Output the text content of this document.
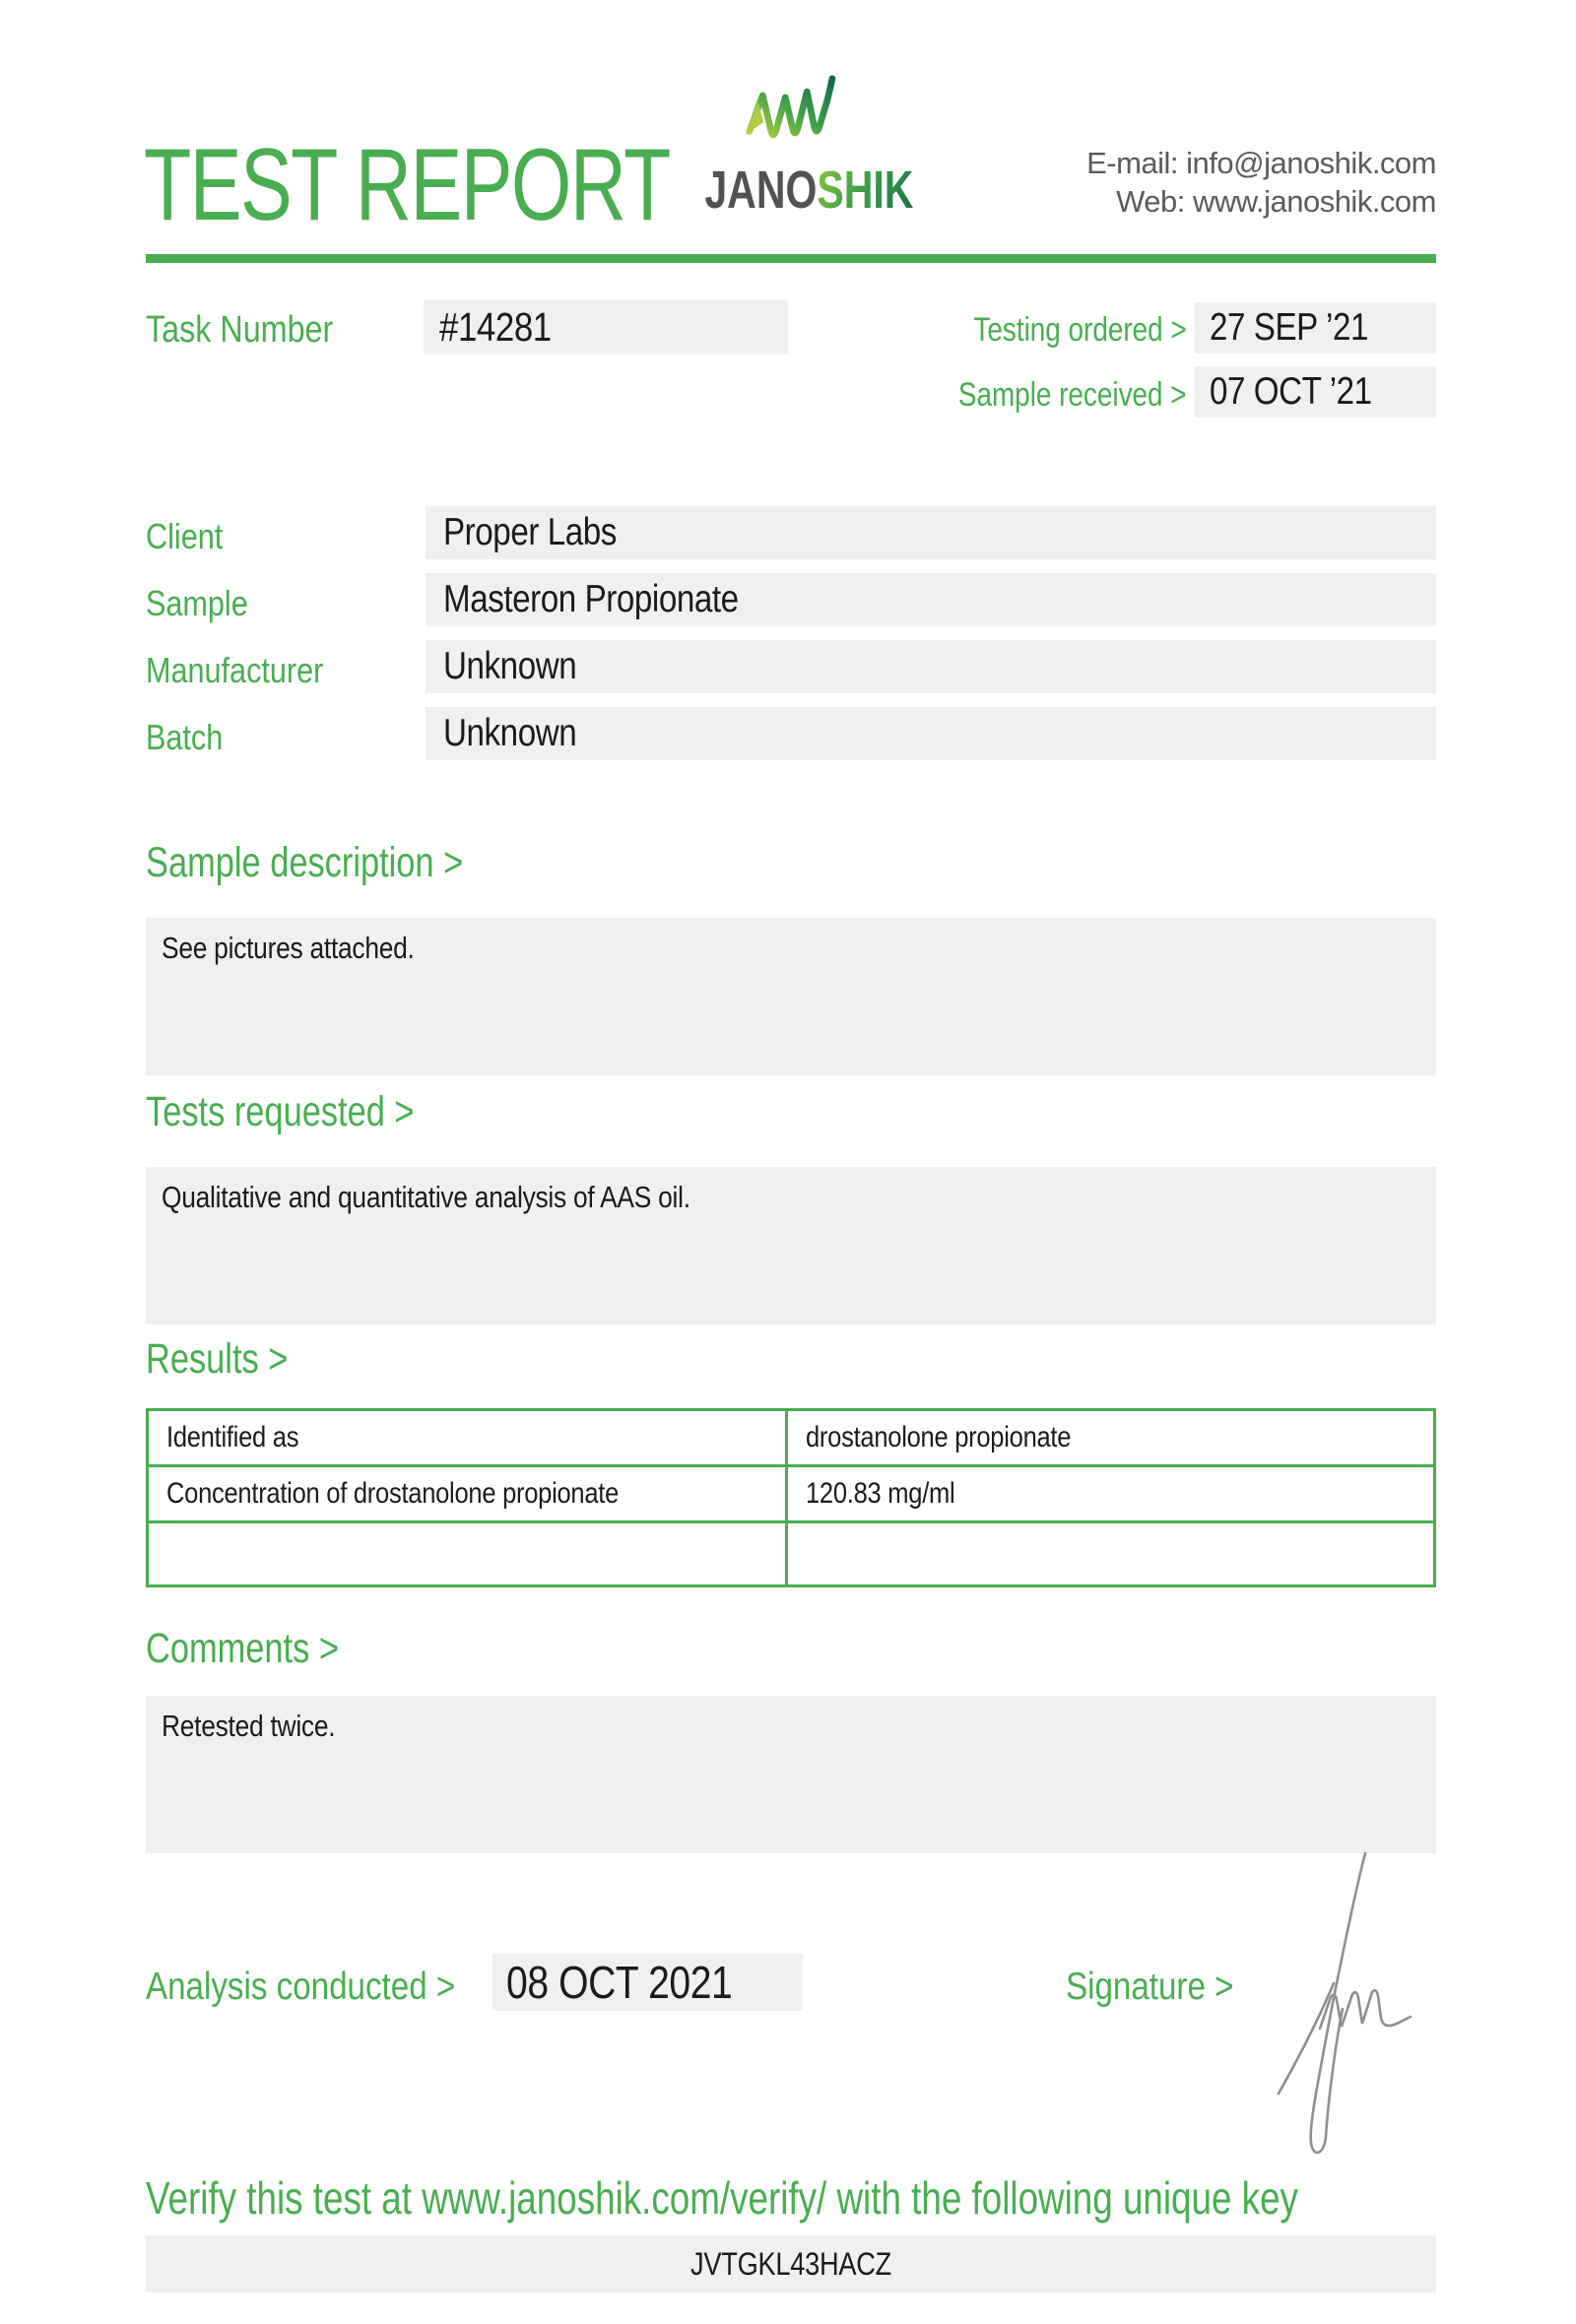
TEST REPORT JANOSHIK	E-mail: info@janoshik.com
Web: www.janoshik.com
Task Number	#14281	Testing ordered > 27 SEP ’21
Sample received > 07 OCT ’21
Client	Proper Labs
Sample	Masteron Propionate
Manufacturer	Unknown
Batch	Unknown
Sample description >
See pictures attached.
Tests requested >
Qualitative and quantitative analysis of AAS oil.
Results >
Identified as	drostanolone propionate
Concentration of drostanolone propionate	120.83 mg/ml
Comments >
Retested twice.
Analysis conducted >	08 OCT 2021	Signature >
Verify this test at www.janoshik.com/verify/ with the following unique key
JVTGKL43HACZ
